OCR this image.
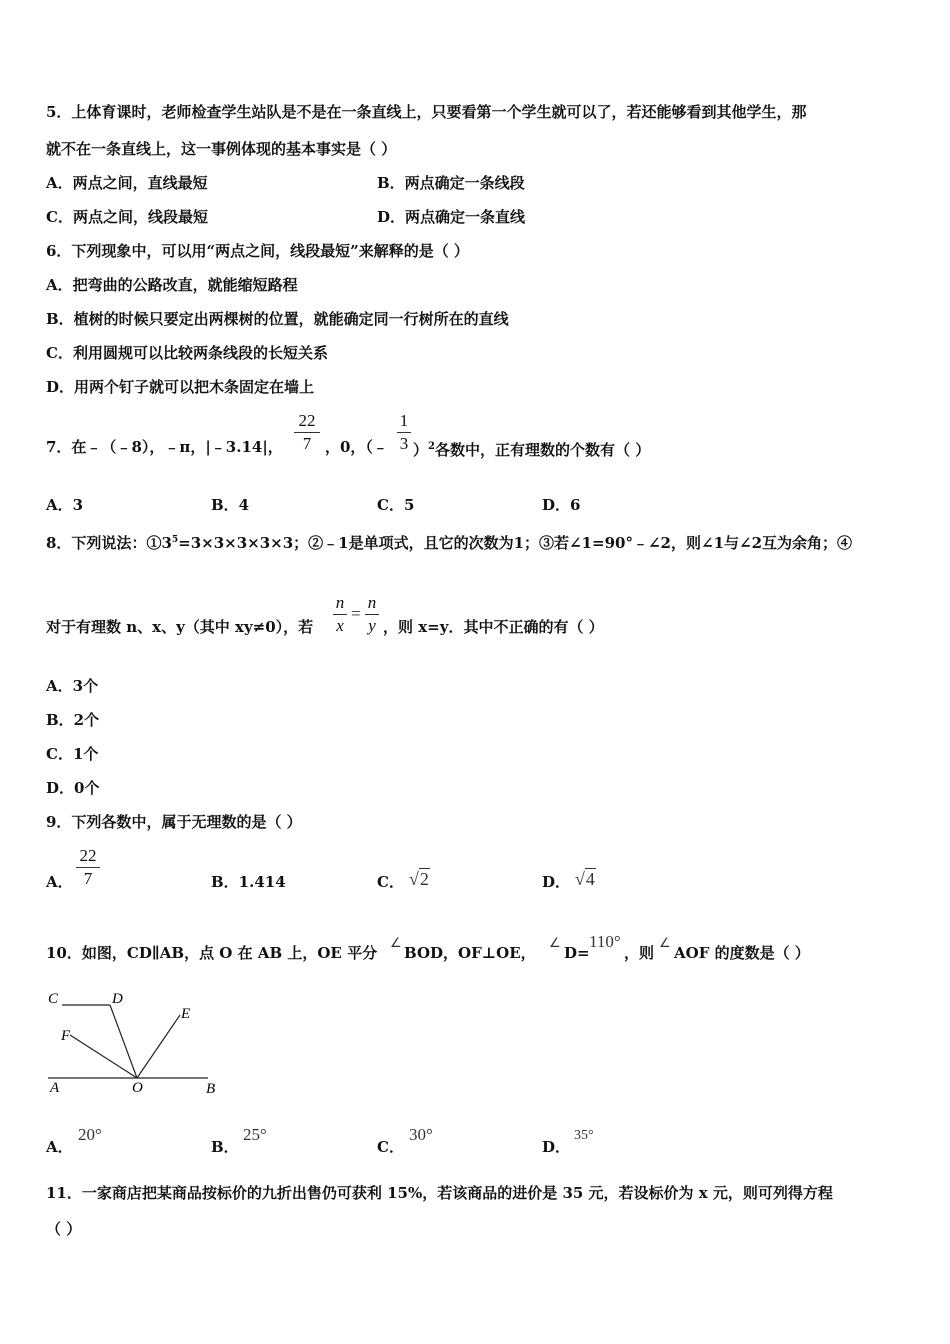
5．上体育课时，老师检查学生站队是不是在一条直线上，只要看第一个学生就可以了，若还能够看到其他学生，那
就不在一条直线上，这一事例体现的基本事实是（ ）
A．两点之间，直线最短	B．两点确定一条线段
C．两点之间，线段最短	D．两点确定一条直线
6．下列现象中，可以用“两点之间，线段最短”来解释的是（ ）
A．把弯曲的公路改直，就能缩短路程
B．植树的时候只要定出两棵树的位置，就能确定同一行树所在的直线
C．利用圆规可以比较两条线段的长短关系
D．用两个钉子就可以把木条固定在墙上
7．在﹣（﹣8），﹣π，|﹣3.14|，
22
7 ，0，（﹣
1
3 ）$^2$各数中，正有理数的个数有（ ）
A．3	B．4	C．5	D．6
8．下列说法：$①3^5=3\times 3\times 3\times 3\times 3$；②﹣1是单项式，且它的次数为1；③若∠1=90°﹣∠2，则∠1与∠2互为余角；④
对于有理数 n、x、y（其中 xy≠0），若
n
x
=
n
y ，则 x=y．其中不正确的有（ ）
A．3个
B．2个
C．1个
D．0个
9．下列各数中，属于无理数的是（ ）
A．
22
7	B．1.414	C． √2	D． √4
10．如图，CD∥AB，点 O 在 AB 上，OE 平分
∠
BOD，OF⊥OE，
∠
D=
110°
，则
∠
AOF 的度数是（ ）
C	D
E
F
A	O	B
A．
20°
B．
25°
C．
30°
D．
35°
11．一家商店把某商品按标价的九折出售仍可获利 15%，若该商品的进价是 35 元，若设标价为 x 元，则可列得方程
（ ）
